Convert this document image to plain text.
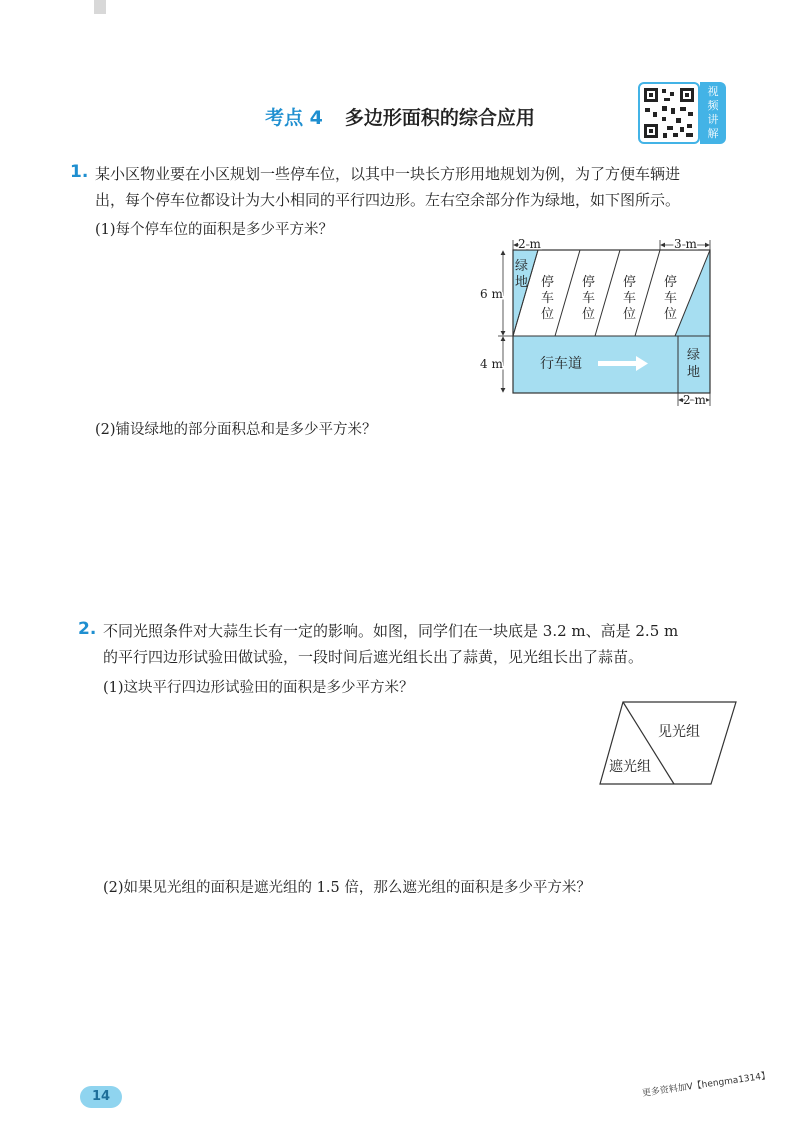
考点 4 多边形面积的综合应用
视
频
讲
解
1. 某小区物业要在小区规划一些停车位，以其中一块长方形用地规划为例，为了方便车辆进
出，每个停车位都设计为大小相同的平行四边形。左右空余部分作为绿地，如下图所示。
(1)每个停车位的面积是多少平方米？
2 m	3 m
6 m
4 m
2 m
绿
地 停
车
位
停
车
位
停
车
位
停
车
位
行车道
绿
地
(2)铺设绿地的部分面积总和是多少平方米？
2. 不同光照条件对大蒜生长有一定的影响。如图，同学们在一块底是 3.2 m、高是 2.5 m
的平行四边形试验田做试验，一段时间后遮光组长出了蒜黄，见光组长出了蒜苗。
(1)这块平行四边形试验田的面积是多少平方米？
见光组
遮光组
(2)如果见光组的面积是遮光组的 1.5 倍，那么遮光组的面积是多少平方米？
14	更多资料加V【hengma1314】
